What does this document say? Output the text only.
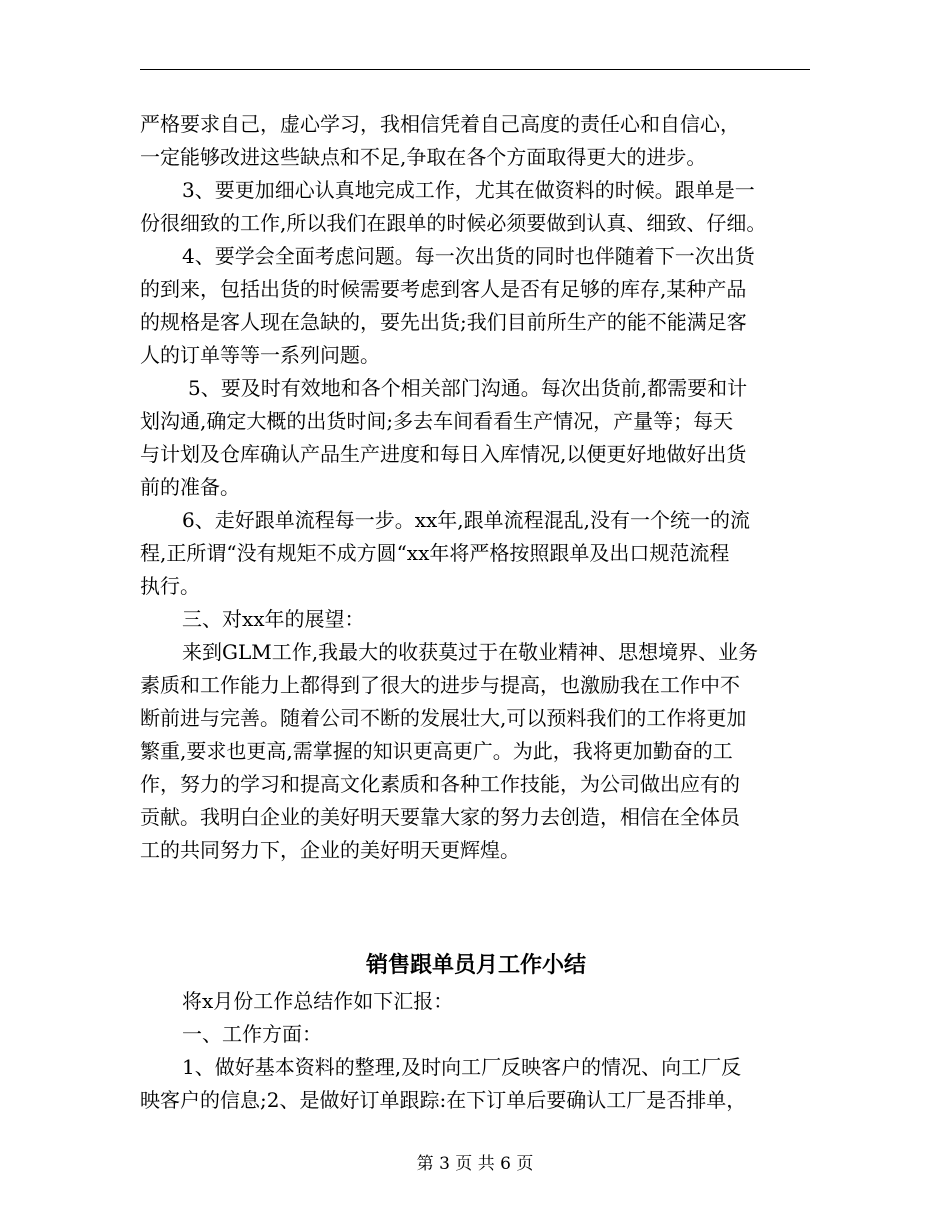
严格要求自己，虚心学习，我相信凭着自己高度的责任心和自信心，
一定能够改进这些缺点和不足,争取在各个方面取得更大的进步。
3、要更加细心认真地完成工作，尤其在做资料的时候。跟单是一
份很细致的工作,所以我们在跟单的时候必须要做到认真、细致、仔细。
4、要学会全面考虑问题。每一次出货的同时也伴随着下一次出货
的到来，包括出货的时候需要考虑到客人是否有足够的库存,某种产品
的规格是客人现在急缺的，要先出货;我们目前所生产的能不能满足客
人的订单等等一系列问题。
5、要及时有效地和各个相关部门沟通。每次出货前,都需要和计
划沟通,确定大概的出货时间;多去车间看看生产情况，产量等；每天
与计划及仓库确认产品生产进度和每日入库情况,以便更好地做好出货
前的准备。
6、走好跟单流程每一步。xx年,跟单流程混乱,没有一个统一的流
程,正所谓“没有规矩不成方圆“xx年将严格按照跟单及出口规范流程
执行。
三、对xx年的展望：
来到GLM工作,我最大的收获莫过于在敬业精神、思想境界、业务
素质和工作能力上都得到了很大的进步与提高，也激励我在工作中不
断前进与完善。随着公司不断的发展壮大,可以预料我们的工作将更加
繁重,要求也更高,需掌握的知识更高更广。为此，我将更加勤奋的工
作，努力的学习和提高文化素质和各种工作技能，为公司做出应有的
贡献。我明白企业的美好明天要靠大家的努力去创造，相信在全体员
工的共同努力下，企业的美好明天更辉煌。
销售跟单员月工作小结
将x月份工作总结作如下汇报：
一、工作方面：
1、做好基本资料的整理,及时向工厂反映客户的情况、向工厂反
映客户的信息;2、是做好订单跟踪:在下订单后要确认工厂是否排单，
第 3 页 共 6 页
